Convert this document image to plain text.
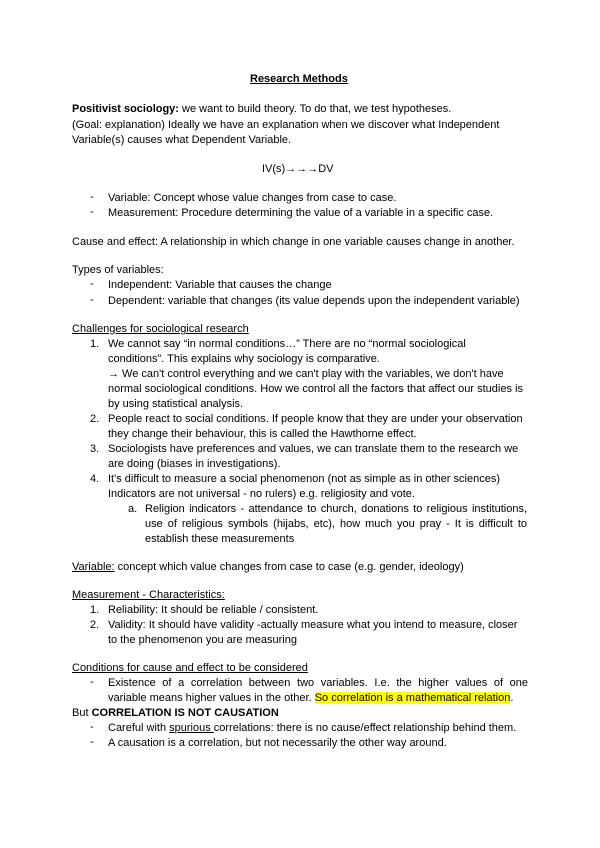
Research Methods
Positivist sociology: we want to build theory. To do that, we test hypotheses.
(Goal: explanation) Ideally we have an explanation when we discover what Independent
Variable(s) causes what Dependent Variable.
IV(s)→→→DV
-	Variable: Concept whose value changes from case to case.
-	Measurement: Procedure determining the value of a variable in a specific case.
Cause and effect: A relationship in which change in one variable causes change in another.
Types of variables:
-	Independent: Variable that causes the change
-	Dependent: variable that changes (its value depends upon the independent variable)
Challenges for sociological research
1. We cannot say “in normal conditions…” There are no “normal sociological
conditions”. This explains why sociology is comparative.
→ We can't control everything and we can't play with the variables, we don't have
normal sociological conditions. How we control all the factors that affect our studies is
by using statistical analysis.
2. People react to social conditions. If people know that they are under your observation
they change their behaviour, this is called the Hawthorne effect.
3. Sociologists have preferences and values, we can translate them to the research we
are doing (biases in investigations).
4. It's difficult to measure a social phenomenon (not as simple as in other sciences)
Indicators are not universal - no rulers) e.g. religiosity and vote.
a. Religion indicators - attendance to church, donations to religious institutions,
use of religious symbols (hijabs, etc), how much you pray - It is difficult to
establish these measurements
Variable: concept which value changes from case to case (e.g. gender, ideology)
Measurement - Characteristics:
1. Reliability: It should be reliable / consistent.
2. Validity: It should have validity -actually measure what you intend to measure, closer
to the phenomenon you are measuring
Conditions for cause and effect to be considered
-	Existence of a correlation between two variables. I.e. the higher values of one
variable means higher values in the other. So correlation is a mathematical relation.
But CORRELATION IS NOT CAUSATION
-	Careful with spurious correlations: there is no cause/effect relationship behind them.
-	A causation is a correlation, but not necessarily the other way around.
